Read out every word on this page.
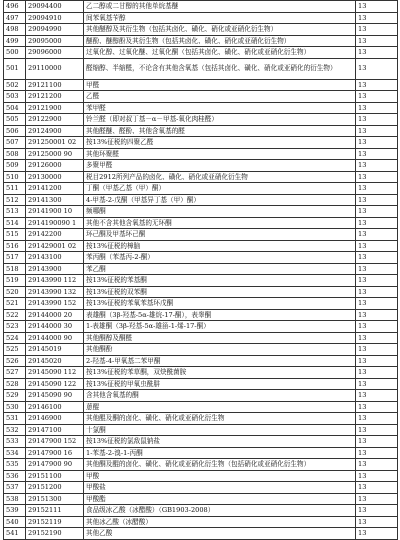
496	29094400	乙二醇或二甘醇的其他单烷基醚	13
497	29094910	间苯氧基苄醇	13
498	29094990	其他醚醇及其衍生物（包括其卤化、磺化、硝化或亚硝化衍生物）	13
499	29095000	醚酚、醚醇酚及其衍生物（包括其卤化、磺化、硝化或亚硝化衍生物）	13
500	29096000	过氧化醇、过氧化醚、过氧化酮（包括其卤化、磺化、硝化或亚硝化衍生物）	13
501	29110000	醛缩醇、半缩醛，不论含有其他含氧基（包括其卤化、磺化、硝化或亚硝化的衍生物）	13
502	29121100	甲醛	13
503	29121200	乙醛	13
504	29121900	苯甲醛	13
505	29122900	铃兰醛（即对叔丁基－α－甲基-氧化肉桂醛）	13
506	29124900	其他醛醚、醛酚、其他含氧基的醛	13
507	291250001 02	按13%征税的四聚乙醛	13
508	29125000 90	其他环聚醛	13
509	29126000	多聚甲醛	13
510	29130000	税目2912所列产品的卤化、磺化、硝化或亚硝化衍生物	13
511	29141200	丁酮（甲基乙基（甲）酮）	13
512	29141300	4-甲基-2-戊酮（甲基异丁基（甲）酮）	13
513	29141900 10	频哪酮	13
514	2914190090 1	其他不含其他含氧基的无环酮	13
515	29142200	环己酮及甲基环己酮	13
516	291429001 02	按13%征税的樟脑	13
517	29143100	苯丙酮（苯基丙-2-酮）	13
518	29143900	苯乙酮	13
519	29143990 112	按13%征税的苯基酮	13
520	29143990 132	按13%征税的双苯酮	13
521	29143990 152	按13%征税的苯氧苯基环戊酮	13
522	29144000 20	表雄酮（3β-羟基-5α-雄烷-17-酮），表睾酮	13
523	29144000 30	1-表雄酮（3β-羟基-5α-雄甾-1-烯-17-酮）	13
524	29144000 90	其他酮醇及酮醛	13
525	29145019	其他酮酚	13
526	29145020	2-羟基-4-甲氧基二苯甲酮	13
527	29145090 112	按13%征税的苯草酮，双炔酰菌胺	13
528	29145090 122	按13%征税的甲氧虫酰肼	13
529	29145090 90	含其他含氧基的酮	13
530	29146100	蒽醌	13
531	29146900	其他醌及酮的卤化、磺化、硝化或亚硝化衍生物	13
532	29147100	十氯酮	13
533	29147900 152	按13%征税的氯敌鼠钠盐	13
534	29147900 16	1-苯基-2-溴-1-丙酮	13
535	29147900 90	其他酮及醌的卤化、磺化、硝化或亚硝化衍生物（包括硝化或亚硝化衍生物）	13
536	29151100	甲酸	13
537	29151200	甲酸盐	13
538	29151300	甲酸酯	13
539	29152111	食品级冰乙酸（冰醋酸）（GB1903-2008）	13
540	29152119	其他冰乙酸（冰醋酸）	13
541	29152190	其他乙酸	13
